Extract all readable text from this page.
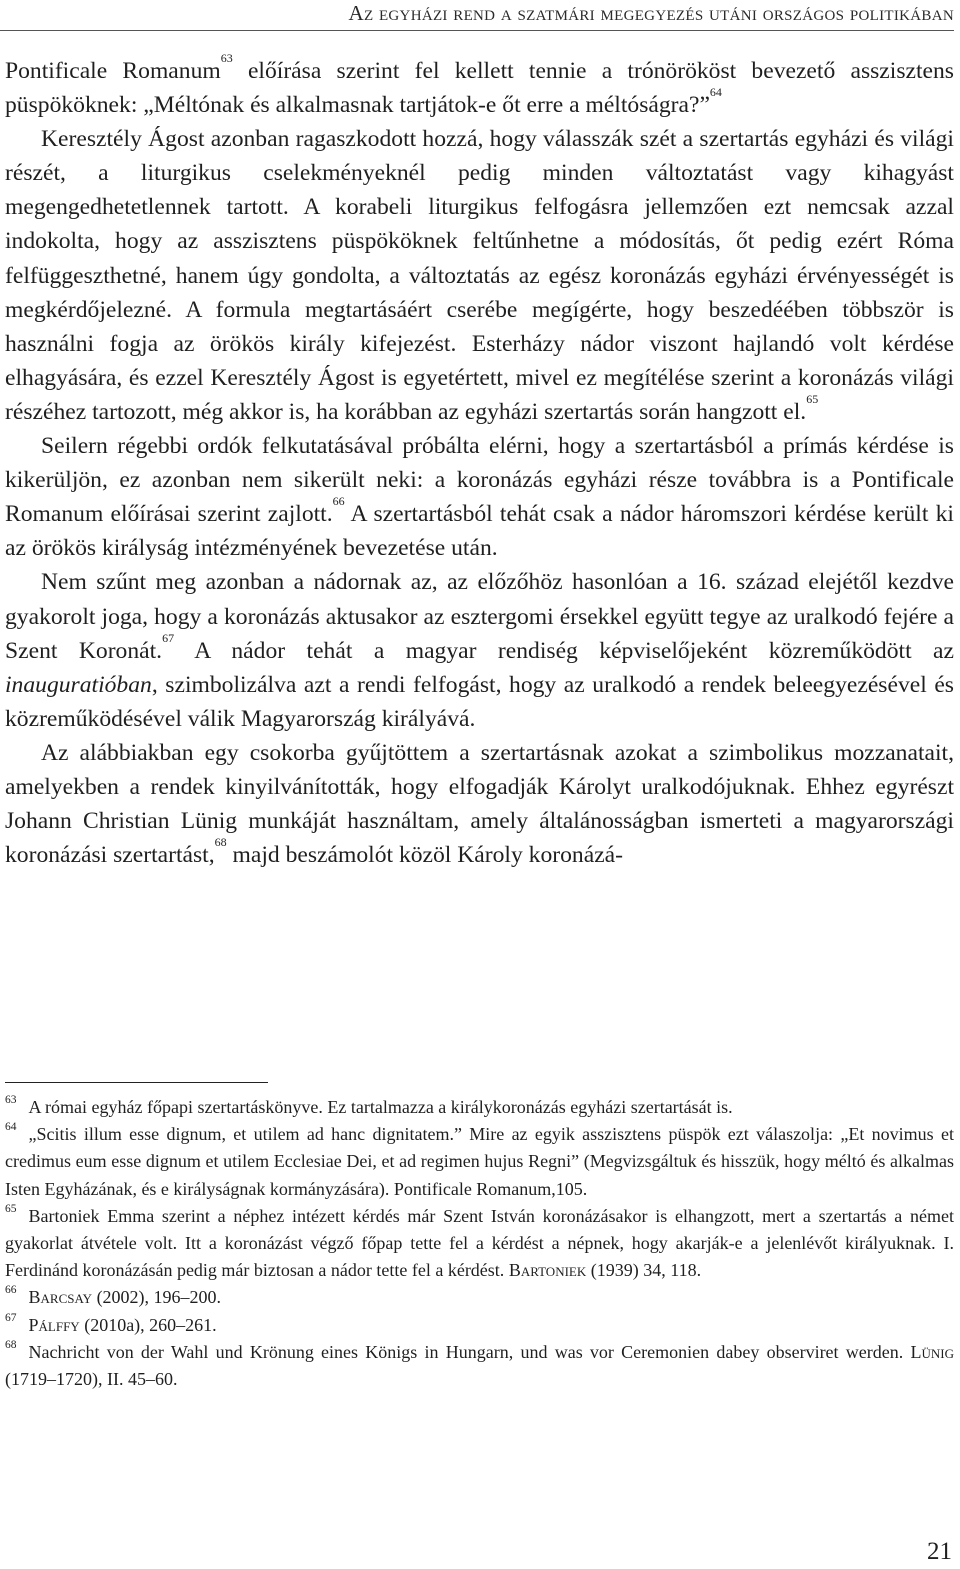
Az egyházi rend a szatmári megegyezés utáni országos politikában

Pontificale Romanum$^{63}$ előírása szerint fel kellett tennie a trónörököst bevezető asszisztens püspököknek: „Méltónak és alkalmasnak tartjátok-e őt erre a méltóságra?”$^{64}$

Keresztély Ágost azonban ragaszkodott hozzá, hogy válasszák szét a szertartás egyházi és világi részét, a liturgikus cselekményeknél pedig minden változtatást vagy kihagyást megengedhetetlennek tartott. A korabeli liturgikus felfogásra jellemzően ezt nemcsak azzal indokolta, hogy az asszisztens püspököknek feltűnhetne a módosítás, őt pedig ezért Róma felfüggeszthetné, hanem úgy gondolta, a változtatás az egész koronázás egyházi érvényességét is megkérdőjelezné. A formula megtartásáért cserébe megígérte, hogy beszedéében többször is használni fogja az örökös király kifejezést. Esterházy nádor viszont hajlandó volt kérdése elhagyására, és ezzel Keresztély Ágost is egyetértett, mivel ez megítélése szerint a koronázás világi részéhez tartozott, még akkor is, ha korábban az egyházi szertartás során hangzott el.$^{65}$

Seilern régebbi ordók felkutatásával próbálta elérni, hogy a szertartásból a prímás kérdése is kikerüljön, ez azonban nem sikerült neki: a koronázás egyházi része továbbra is a Pontificale Romanum előírásai szerint zajlott.$^{66}$ A szertartásból tehát csak a nádor háromszori kérdése került ki az örökös királyság intézményének bevezetése után.

Nem szűnt meg azonban a nádornak az, az előzőhöz hasonlóan a 16. század elejétől kezdve gyakorolt joga, hogy a koronázás aktusakor az esztergomi érsekkel együtt tegye az uralkodó fejére a Szent Koronát.$^{67}$ A nádor tehát a magyar rendiség képviselőjeként közreműködött az inauguratióban, szimbolizálva azt a rendi felfogást, hogy az uralkodó a rendek beleegyezésével és közreműködésével válik Magyarország királyává.

Az alábbiakban egy csokorba gyűjtöttem a szertartásnak azokat a szimbolikus mozzanatait, amelyekben a rendek kinyilvánították, hogy elfogadják Károlyt uralkodójuknak. Ehhez egyrészt Johann Christian Lünig munkáját használtam, amely általánosságban ismerteti a magyarországi koronázási szertartást,$^{68}$ majd beszámolót közöl Károly koronázá-

$^{63}$ A római egyház főpapi szertartáskönyve. Ez tartalmazza a királykoronázás egyházi szertartását is.

$^{64}$ „Scitis illum esse dignum, et utilem ad hanc dignitatem.” Mire az egyik asszisztens püspök ezt válaszolja: „Et novimus et credimus eum esse dignum et utilem Ecclesiae Dei, et ad regimen hujus Regni” (Megvizsgáltuk és hisszük, hogy méltó és alkalmas Isten Egyházának, és e királyságnak kormányzására). Pontificale Romanum,105.

$^{65}$ Bartoniek Emma szerint a néphez intézett kérdés már Szent István koronázásakor is elhangzott, mert a szertartás a német gyakorlat átvétele volt. Itt a koronázást végző főpap tette fel a kérdést a népnek, hogy akarják-e a jelenlévőt királyuknak. I. Ferdinánd koronázásán pedig már biztosan a nádor tette fel a kérdést. Bartoniek (1939) 34, 118.

$^{66}$ Barcsay (2002), 196–200.

$^{67}$ Pálffy (2010a), 260–261.

$^{68}$ Nachricht von der Wahl und Krönung eines Königs in Hungarn, und was vor Ceremonien dabey observiret werden. Lünig (1719–1720), II. 45–60.

21
